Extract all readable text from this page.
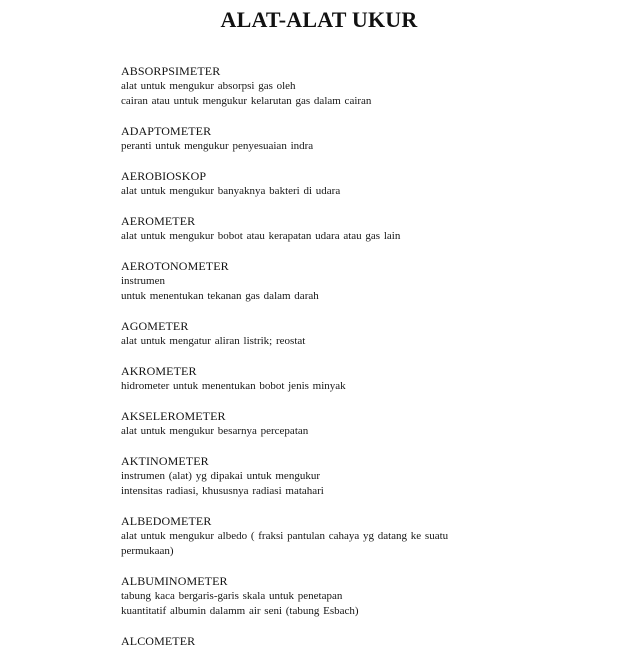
ALAT-ALAT UKUR
ABSORPSIMETER
alat untuk mengukur absorpsi gas oleh
cairan atau untuk mengukur kelarutan gas dalam cairan
ADAPTOMETER
peranti untuk mengukur penyesuaian indra
AEROBIOSKOP
alat untuk mengukur banyaknya bakteri di udara
AEROMETER
alat untuk mengukur bobot atau kerapatan udara atau gas lain
AEROTONOMETER
instrumen
untuk menentukan tekanan gas dalam darah
AGOMETER
alat untuk mengatur aliran listrik; reostat
AKROMETER
hidrometer untuk menentukan bobot jenis minyak
AKSELEROMETER
alat untuk mengukur besarnya percepatan
AKTINOMETER
instrumen (alat) yg dipakai untuk mengukur
intensitas radiasi, khususnya radiasi matahari
ALBEDOMETER
alat untuk mengukur albedo ( fraksi pantulan cahaya yg datang ke suatu
permukaan)
ALBUMINOMETER
tabung kaca bergaris-garis skala untuk penetapan
kuantitatif albumin dalamm air seni (tabung Esbach)
ALCOMETER
